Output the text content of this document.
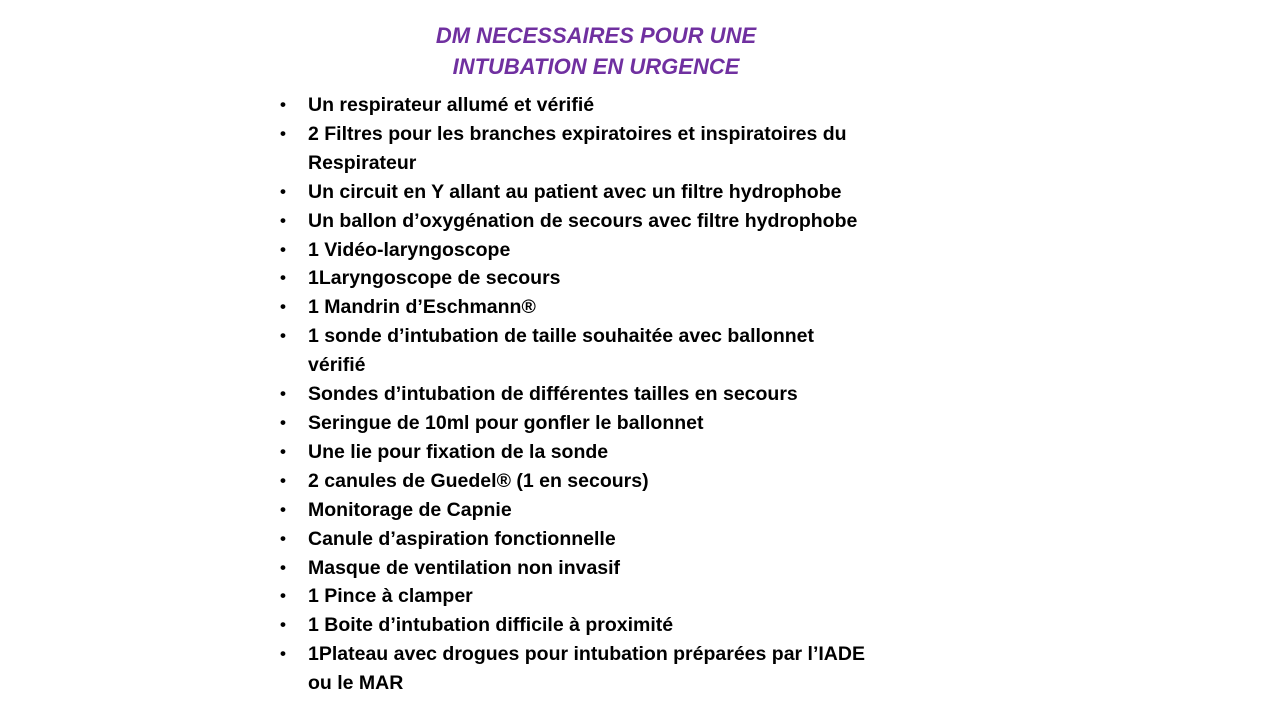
DM NECESSAIRES POUR UNE
INTUBATION EN URGENCE
• Un respirateur allumé et vérifié
• 2 Filtres pour les branches expiratoires et inspiratoires du
Respirateur
• Un circuit en Y allant au patient avec un filtre hydrophobe
• Un ballon d’oxygénation de secours avec filtre hydrophobe
• 1 Vidéo-laryngoscope
• 1Laryngoscope de secours
• 1 Mandrin d’Eschmann®
• 1 sonde d’intubation de taille souhaitée avec ballonnet
vérifié
• Sondes d’intubation de différentes tailles en secours
• Seringue de 10ml pour gonfler le ballonnet
• Une lie pour fixation de la sonde
• 2 canules de Guedel® (1 en secours)
• Monitorage de Capnie
• Canule d’aspiration fonctionnelle
• Masque de ventilation non invasif
• 1 Pince à clamper
• 1 Boite d’intubation difficile à proximité
• 1Plateau avec drogues pour intubation préparées par l’IADE
ou le MAR
